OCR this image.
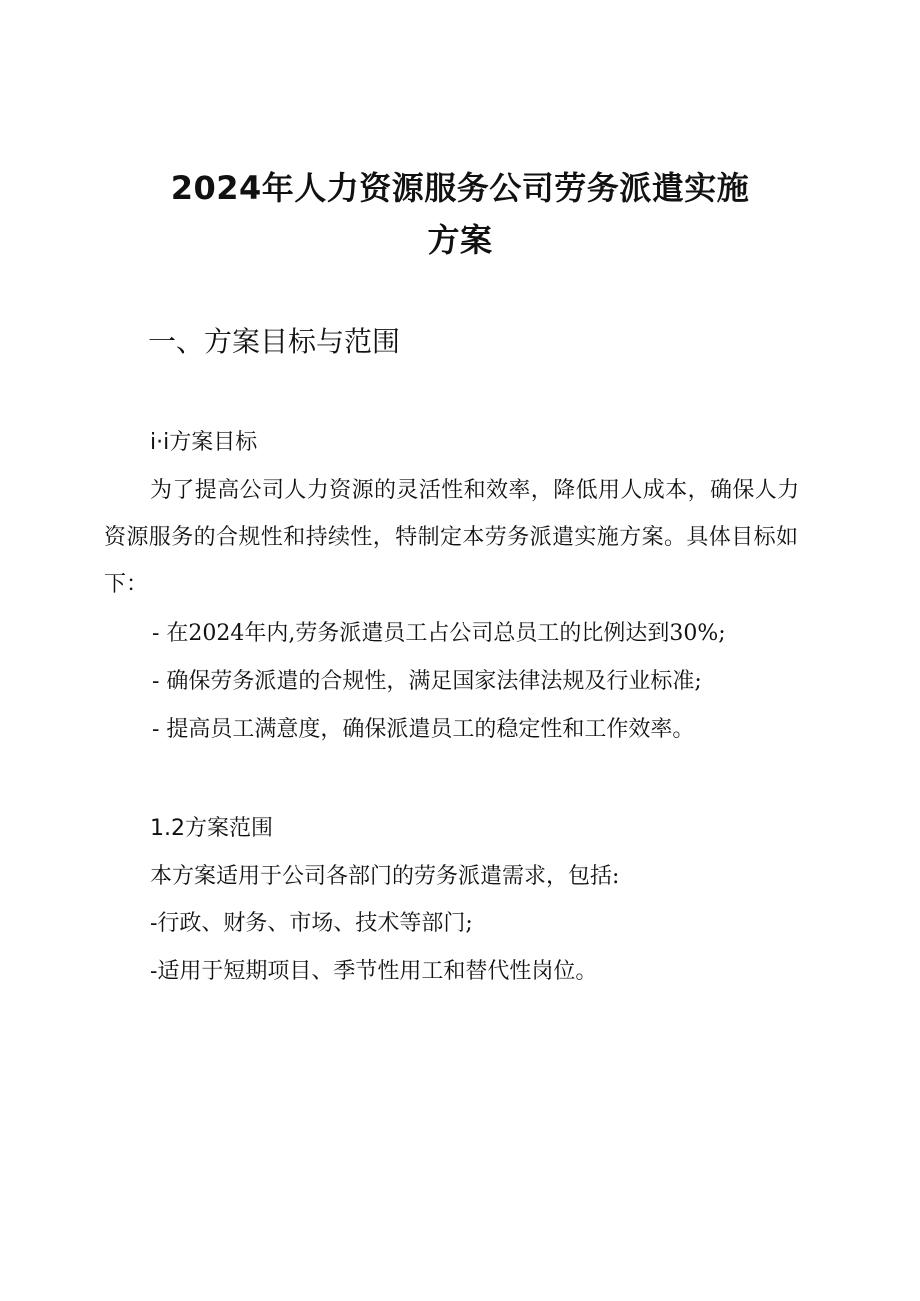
2024年人力资源服务公司劳务派遣实施
方案
一、方案目标与范围
i·i方案目标

为了提高公司人力资源的灵活性和效率，降低用人成本，确保人力

资源服务的合规性和持续性，特制定本劳务派遣实施方案。具体目标如

下：

- 在2024年内,劳务派遣员工占公司总员工的比例达到30%;

- 确保劳务派遣的合规性，满足国家法律法规及行业标准;

- 提高员工满意度，确保派遣员工的稳定性和工作效率。

1.2方案范围

本方案适用于公司各部门的劳务派遣需求，包括:

-行政、财务、市场、技术等部门;

-适用于短期项目、季节性用工和替代性岗位。
